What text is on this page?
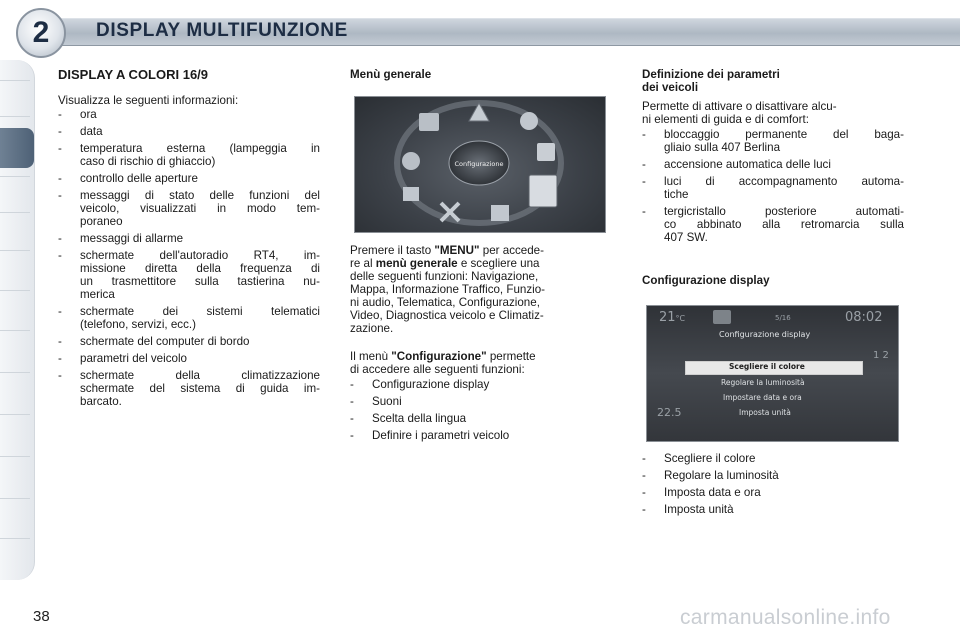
DISPLAY MULTIFUNZIONE
2
DISPLAY A COLORI 16/9
Visualizza le seguenti informazioni:
- ora
- data
- temperatura esterna (lampeggia in
caso di rischio di ghiaccio)
- controllo delle aperture
- messaggi di stato delle funzioni del
veicolo, visualizzati in modo tem-
poraneo
- messaggi di allarme
- schermate dell'autoradio RT4, im-
missione diretta della frequenza di
un trasmettitore sulla tastierina nu-
merica
- schermate dei sistemi telematici
(telefono, servizi, ecc.)
- schermate del computer di bordo
- parametri del veicolo
- schermate della climatizzazione
schermate del sistema di guida im-
barcato.
Menù generale
Configurazione
Premere il tasto "MENU" per accede-
re al menù generale e scegliere una
delle seguenti funzioni: Navigazione,
Mappa, Informazione Traffico, Funzio-
ni audio, Telematica, Configurazione,
Video, Diagnostica veicolo e Climatiz-
zazione.
Il menù "Configurazione" permette
di accedere alle seguenti funzioni:
- Configurazione display
- Suoni
- Scelta della lingua
- Definire i parametri veicolo
Definizione dei parametri
dei veicoli
Permette di attivare o disattivare alcu-
ni elementi di guida e di comfort:
- bloccaggio permanente del baga-
gliaio sulla 407 Berlina
- accensione automatica delle luci
- luci di accompagnamento automa-
tiche
- tergicristallo posteriore automati-
co abbinato alla retromarcia sulla
407 SW.
Configurazione display
21°C	5/16	08:02
Configurazione display
Scegliere il colore
Regolare la luminosità
Impostare data e ora
Imposta unità
1 2
22.5
- Scegliere il colore
- Regolare la luminosità
- Imposta data e ora
- Imposta unità
38	carmanualsonline.info
